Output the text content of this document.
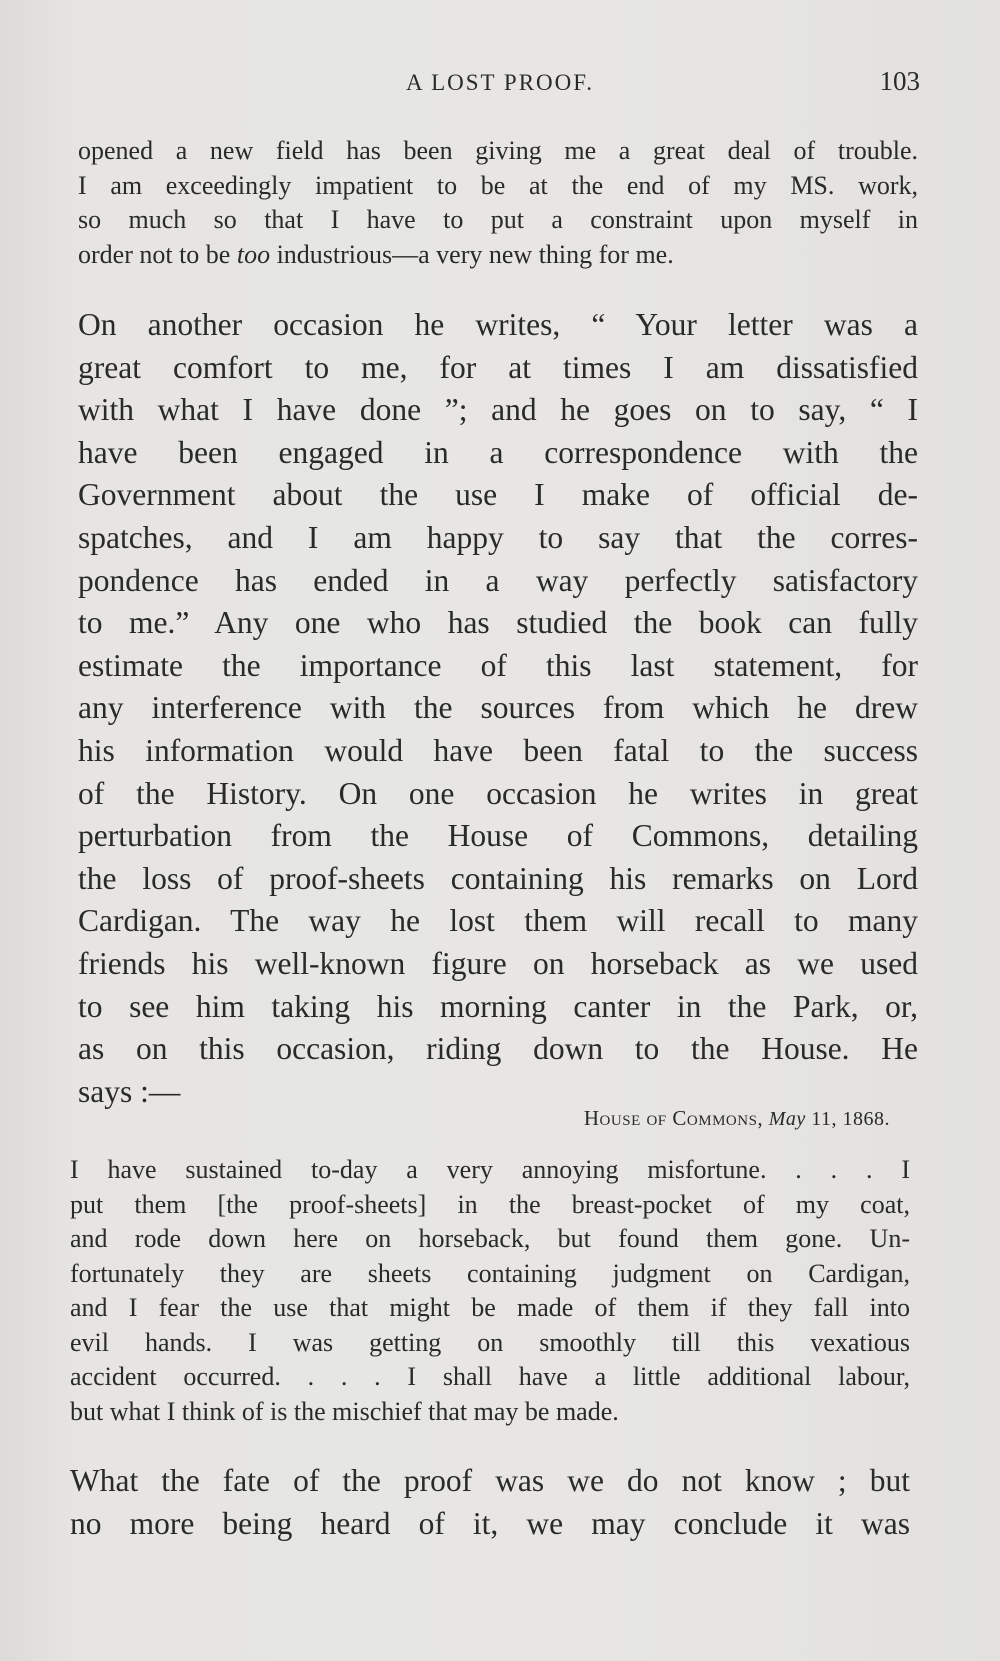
A LOST PROOF.	103
opened a new field has been giving me a great deal of trouble.
I am exceedingly impatient to be at the end of my MS. work,
so much so that I have to put a constraint upon myself in
order not to be too industrious—a very new thing for me.
On another occasion he writes, “ Your letter was a
great comfort to me, for at times I am dissatisfied
with what I have done ”; and he goes on to say, “ I
have been engaged in a correspondence with the
Government about the use I make of official de-
spatches, and I am happy to say that the corres-
pondence has ended in a way perfectly satisfactory
to me.” Any one who has studied the book can fully
estimate the importance of this last statement, for
any interference with the sources from which he drew
his information would have been fatal to the success
of the History. On one occasion he writes in great
perturbation from the House of Commons, detailing
the loss of proof-sheets containing his remarks on Lord
Cardigan. The way he lost them will recall to many
friends his well-known figure on horseback as we used
to see him taking his morning canter in the Park, or,
as on this occasion, riding down to the House. He
says :—
House of Commons, May 11, 1868.
I have sustained to-day a very annoying misfortune. . . . I
put them [the proof-sheets] in the breast-pocket of my coat,
and rode down here on horseback, but found them gone. Un-
fortunately they are sheets containing judgment on Cardigan,
and I fear the use that might be made of them if they fall into
evil hands. I was getting on smoothly till this vexatious
accident occurred. . . . I shall have a little additional labour,
but what I think of is the mischief that may be made.
What the fate of the proof was we do not know ; but
no more being heard of it, we may conclude it was
